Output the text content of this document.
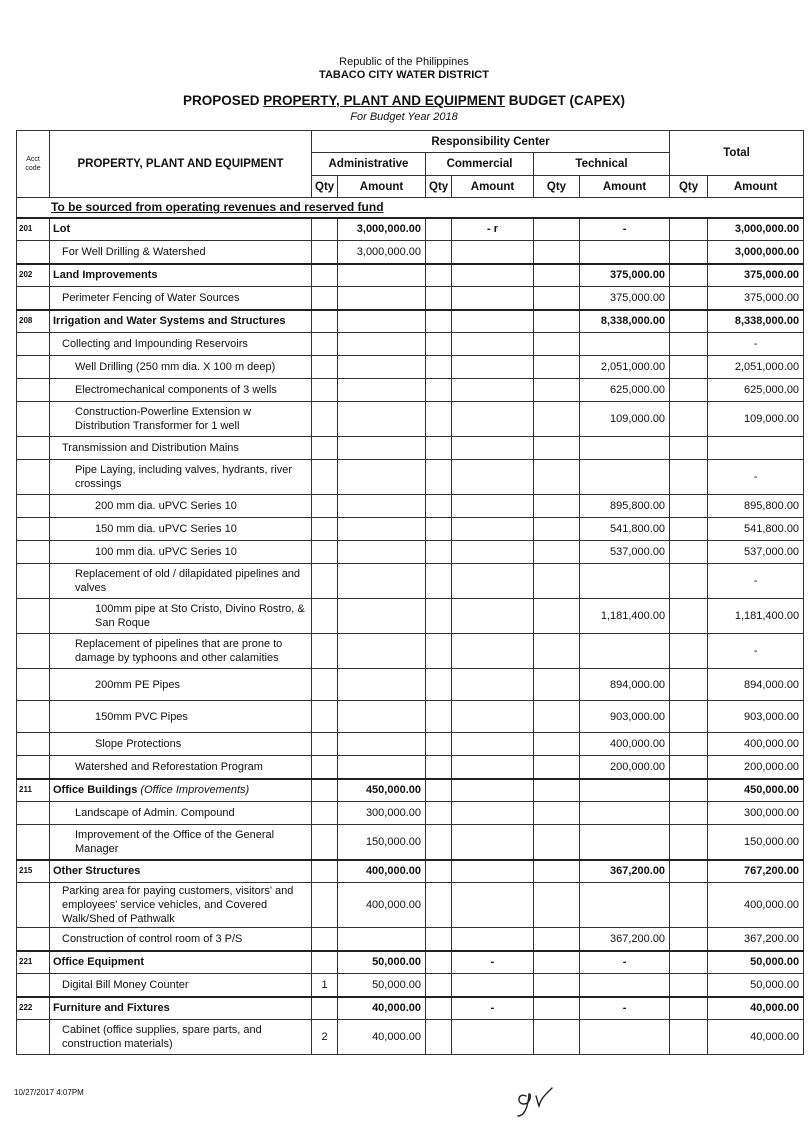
Republic of the Philippines
TABACO CITY WATER DISTRICT
PROPOSED PROPERTY, PLANT AND EQUIPMENT BUDGET (CAPEX)
For Budget Year 2018
Acct code	PROPERTY, PLANT AND EQUIPMENT	Responsibility Center						Total	
		Administrative		Commercial		Technical			
		Qty	Amount	Qty	Amount	Qty	Amount	Qty	Amount
To be sourced from operating revenues and reserved fund									
201	Lot		3,000,000.00		- r		-		3,000,000.00
	For Well Drilling & Watershed		3,000,000.00						3,000,000.00
202	Land Improvements						375,000.00		375,000.00
	Perimeter Fencing of Water Sources						375,000.00		375,000.00
208	Irrigation and Water Systems and Structures						8,338,000.00		8,338,000.00
	Collecting and Impounding Reservoirs								-
	Well Drilling (250 mm dia. X 100 m deep)						2,051,000.00		2,051,000.00
	Electromechanical components of 3 wells						625,000.00		625,000.00
	Construction-Powerline Extension w Distribution Transformer for 1 well						109,000.00		109,000.00
	Transmission and Distribution Mains								
	Pipe Laying, including valves, hydrants, river crossings								-
	200 mm dia. uPVC Series 10						895,800.00		895,800.00
	150 mm dia. uPVC Series 10						541,800.00		541,800.00
	100 mm dia. uPVC Series 10						537,000.00		537,000.00
	Replacement of old / dilapidated pipelines and valves								-
	100mm pipe at Sto Cristo, Divino Rostro, & San Roque						1,181,400.00		1,181,400.00
	Replacement of pipelines that are prone to damage by typhoons and other calamities								-
	200mm PE Pipes						894,000.00		894,000.00
	150mm PVC Pipes						903,000.00		903,000.00
	Slope Protections						400,000.00		400,000.00
	Watershed and Reforestation Program						200,000.00		200,000.00
211	Office Buildings (Office Improvements)		450,000.00						450,000.00
	Landscape of Admin. Compound		300,000.00						300,000.00
	Improvement of the Office of the General Manager		150,000.00						150,000.00
215	Other Structures		400,000.00				367,200.00		767,200.00
	Parking area for paying customers, visitors' and employees' service vehicles, and Covered Walk/Shed of Pathwalk		400,000.00						400,000.00
	Construction of control room of 3 P/S						367,200.00		367,200.00
221	Office Equipment		50,000.00		-		-		50,000.00
	Digital Bill Money Counter	1	50,000.00						50,000.00
222	Furniture and Fixtures		40,000.00		-		-		40,000.00
	Cabinet (office supplies, spare parts, and construction materials)	2	40,000.00						40,000.00
10/27/2017 4:07PM
